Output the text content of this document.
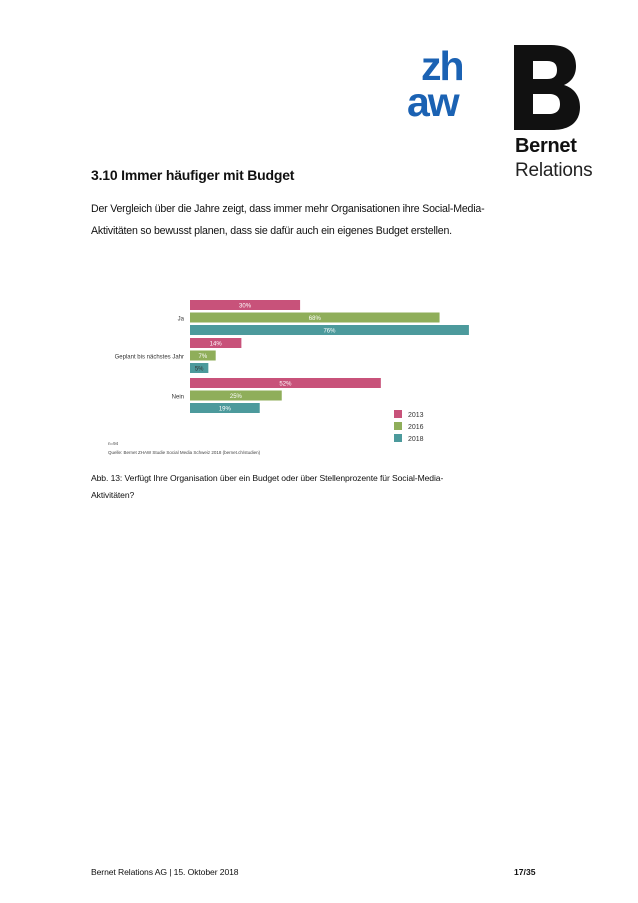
zh
aw
Bernet
Relations
3.10 Immer häufiger mit Budget

Der Vergleich über die Jahre zeigt, dass immer mehr Organisationen ihre Social-Media-
Aktivitäten so bewusst planen, dass sie dafür auch ein eigenes Budget erstellen.

Ja
30%
68%
76%
Geplant bis nächstes Jahr
14%
7%
5%
Nein
52%
25%
19%
2013
2016
2018
n=94
Quelle: Bernet ZHAW Studie Social Media Schweiz 2018 (bernet.ch/studien)

Abb. 13: Verfügt Ihre Organisation über ein Budget oder über Stellenprozente für Social-Media-
Aktivitäten?

Bernet Relations AG | 15. Oktober 2018	17/35
